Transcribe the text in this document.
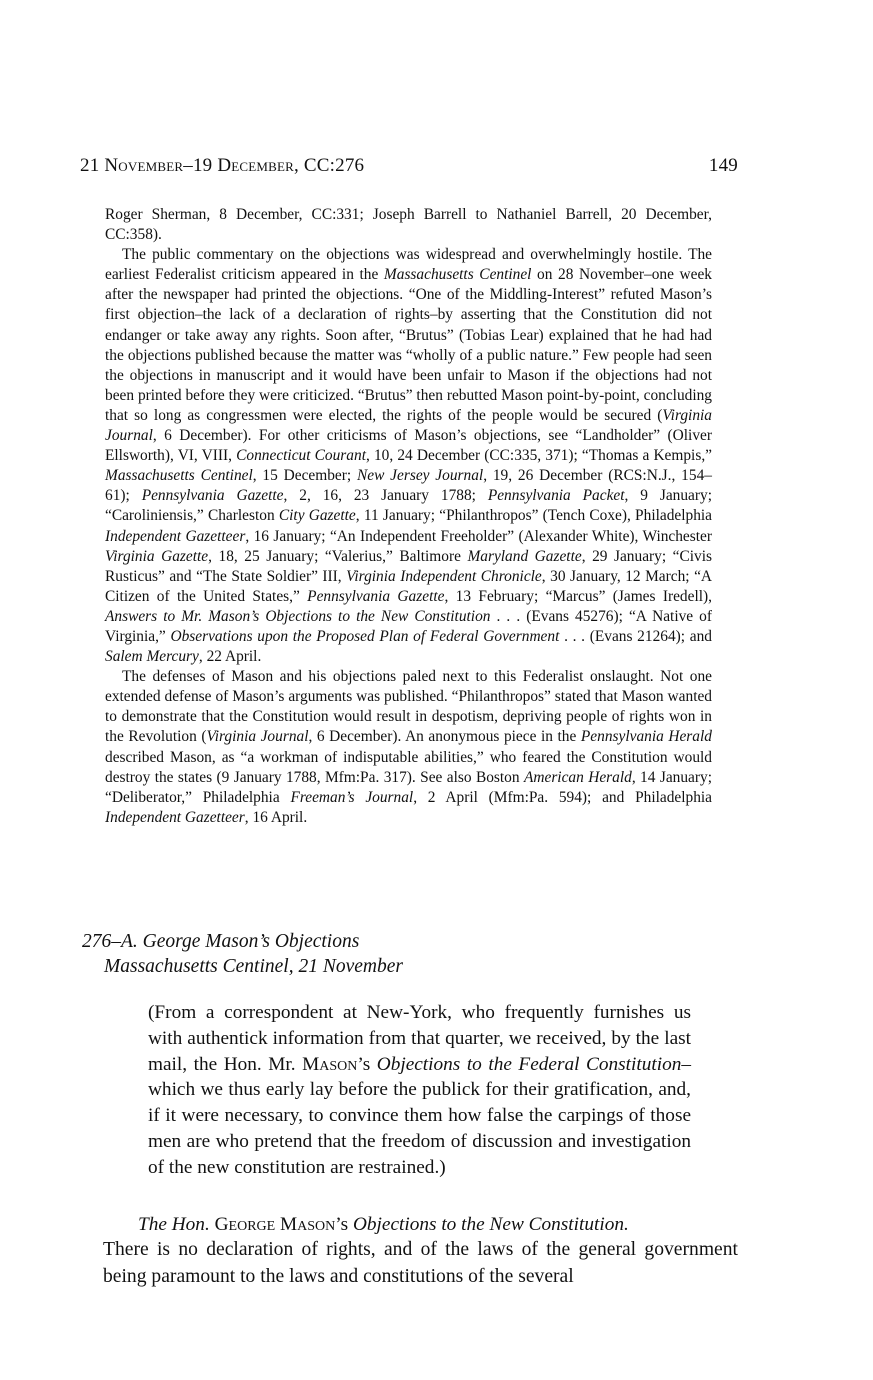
21 November–19 December, CC:276	149

Roger Sherman, 8 December, CC:331; Joseph Barrell to Nathaniel Barrell, 20 December, CC:358).

The public commentary on the objections was widespread and overwhelmingly hostile. The earliest Federalist criticism appeared in the Massachusetts Centinel on 28 November–one week after the newspaper had printed the objections. “One of the Middling-Interest” refuted Mason’s first objection–the lack of a declaration of rights–by asserting that the Constitution did not endanger or take away any rights. Soon after, “Brutus” (Tobias Lear) explained that he had had the objections published because the matter was “wholly of a public nature.” Few people had seen the objections in manuscript and it would have been unfair to Mason if the objections had not been printed before they were criticized. “Brutus” then rebutted Mason point-by-point, concluding that so long as congressmen were elected, the rights of the people would be secured (Virginia Journal, 6 December). For other criticisms of Mason’s objections, see “Landholder” (Oliver Ellsworth), VI, VIII, Connecticut Courant, 10, 24 December (CC:335, 371); “Thomas a Kempis,” Massachusetts Centinel, 15 December; New Jersey Journal, 19, 26 December (RCS:N.J., 154–61); Pennsylvania Gazette, 2, 16, 23 January 1788; Pennsylvania Packet, 9 January; “Caroliniensis,” Charleston City Gazette, 11 January; “Philanthropos” (Tench Coxe), Philadelphia Independent Gazetteer, 16 January; “An Independent Freeholder” (Alexander White), Winchester Virginia Gazette, 18, 25 January; “Valerius,” Baltimore Maryland Gazette, 29 January; “Civis Rusticus” and “The State Soldier” III, Virginia Independent Chronicle, 30 January, 12 March; “A Citizen of the United States,” Pennsylvania Gazette, 13 February; “Marcus” (James Iredell), Answers to Mr. Mason’s Objections to the New Constitution . . . (Evans 45276); “A Native of Virginia,” Observations upon the Proposed Plan of Federal Government . . . (Evans 21264); and Salem Mercury, 22 April.

The defenses of Mason and his objections paled next to this Federalist onslaught. Not one extended defense of Mason’s arguments was published. “Philanthropos” stated that Mason wanted to demonstrate that the Constitution would result in despotism, depriving people of rights won in the Revolution (Virginia Journal, 6 December). An anonymous piece in the Pennsylvania Herald described Mason, as “a workman of indisputable abilities,” who feared the Constitution would destroy the states (9 January 1788, Mfm:Pa. 317). See also Boston American Herald, 14 January; “Deliberator,” Philadelphia Freeman’s Journal, 2 April (Mfm:Pa. 594); and Philadelphia Independent Gazetteer, 16 April.

276–A. George Mason’s Objections
Massachusetts Centinel, 21 November

(From a correspondent at New-York, who frequently furnishes us with authentick information from that quarter, we received, by the last mail, the Hon. Mr. Mason’s Objections to the Federal Constitution–which we thus early lay before the publick for their gratification, and, if it were necessary, to convince them how false the carpings of those men are who pretend that the freedom of discussion and investigation of the new constitution are restrained.)

The Hon. George Mason’s Objections to the New Constitution.

There is no declaration of rights, and of the laws of the general government being paramount to the laws and constitutions of the several
